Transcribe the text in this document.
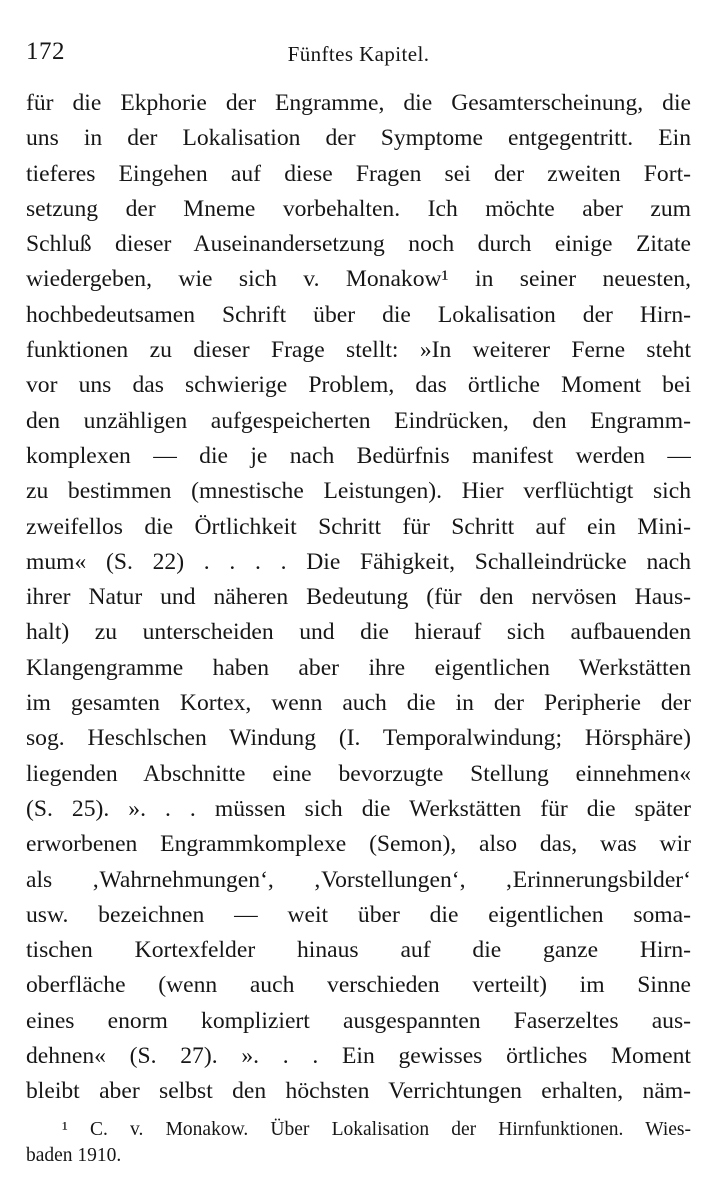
172	Fünftes Kapitel.
für die Ekphorie der Engramme, die Gesamterscheinung, die
uns in der Lokalisation der Symptome entgegentritt. Ein
tieferes Eingehen auf diese Fragen sei der zweiten Fort-
setzung der Mneme vorbehalten. Ich möchte aber zum
Schluß dieser Auseinandersetzung noch durch einige Zitate
wiedergeben, wie sich v. Monakow¹ in seiner neuesten,
hochbedeutsamen Schrift über die Lokalisation der Hirn-
funktionen zu dieser Frage stellt: »In weiterer Ferne steht
vor uns das schwierige Problem, das örtliche Moment bei
den unzähligen aufgespeicherten Eindrücken, den Engramm-
komplexen — die je nach Bedürfnis manifest werden —
zu bestimmen (mnestische Leistungen). Hier verflüchtigt sich
zweifellos die Örtlichkeit Schritt für Schritt auf ein Mini-
mum« (S. 22) . . . . Die Fähigkeit, Schalleindrücke nach
ihrer Natur und näheren Bedeutung (für den nervösen Haus-
halt) zu unterscheiden und die hierauf sich aufbauenden
Klangengramme haben aber ihre eigentlichen Werkstätten
im gesamten Kortex, wenn auch die in der Peripherie der
sog. Heschlschen Windung (I. Temporalwindung; Hörsphäre)
liegenden Abschnitte eine bevorzugte Stellung einnehmen«
(S. 25). ». . . müssen sich die Werkstätten für die später
erworbenen Engrammkomplexe (Semon), also das, was wir
als ‚Wahrnehmungen‘, ‚Vorstellungen‘, ‚Erinnerungsbilder‘
usw. bezeichnen — weit über die eigentlichen soma-
tischen Kortexfelder hinaus auf die ganze Hirn-
oberfläche (wenn auch verschieden verteilt) im Sinne
eines enorm kompliziert ausgespannten Faserzeltes aus-
dehnen« (S. 27). ». . . Ein gewisses örtliches Moment
bleibt aber selbst den höchsten Verrichtungen erhalten, näm-
¹ C. v. Monakow. Über Lokalisation der Hirnfunktionen. Wies-
baden 1910.
